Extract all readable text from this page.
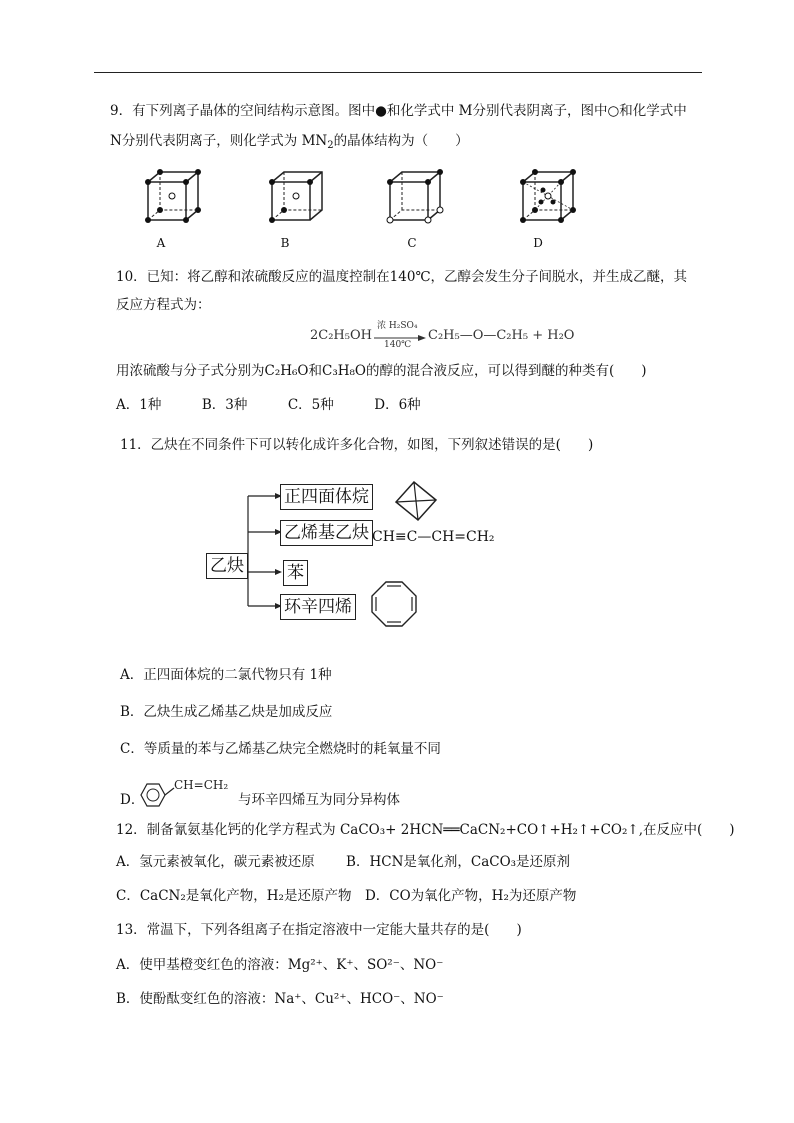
9．有下列离子晶体的空间结构示意图。图中●和化学式中 M分别代表阴离子，图中○和化学式中
N分别代表阴离子，则化学式为 $MN_2$的晶体结构为（　　）
A	B	C	D
10．已知：将乙醇和浓硫酸反应的温度控制在140℃，乙醇会发生分子间脱水，并生成乙醚，其
反应方程式为：
2C₂H₅OH
浓 H₂SO₄
140℃
C₂H₅—O—C₂H₅ + H₂O
用浓硫酸与分子式分别为C₂H₆O和C₃H₈O的醇的混合液反应，可以得到醚的种类有(　　)
A．1种　　　B．3种　　　C．5种　　　D．6种
11．乙炔在不同条件下可以转化成许多化合物，如图，下列叙述错误的是(　　)
乙炔
正四面体烷
乙烯基乙炔
苯
环辛四烯
CH≡C—CH=CH₂
A．正四面体烷的二氯代物只有 1种
B．乙炔生成乙烯基乙炔是加成反应
C．等质量的苯与乙烯基乙炔完全燃烧时的耗氧量不同
D．
CH=CH₂
与环辛四烯互为同分异构体
12．制备氰氨基化钙的化学方程式为 CaCO₃+ 2HCN══CaCN₂+CO↑+H₂↑+CO₂↑,在反应中(　　)
A．氢元素被氧化，碳元素被还原　　 B．HCN是氧化剂，CaCO₃是还原剂
C．CaCN₂是氧化产物，H₂是还原产物　D．CO为氧化产物，H₂为还原产物
13．常温下，下列各组离子在指定溶液中一定能大量共存的是(　　)
A．使甲基橙变红色的溶液：Mg²⁺、K⁺、SO²⁻、NO⁻
B．使酚酞变红色的溶液：Na⁺、Cu²⁺、HCO⁻、NO⁻
